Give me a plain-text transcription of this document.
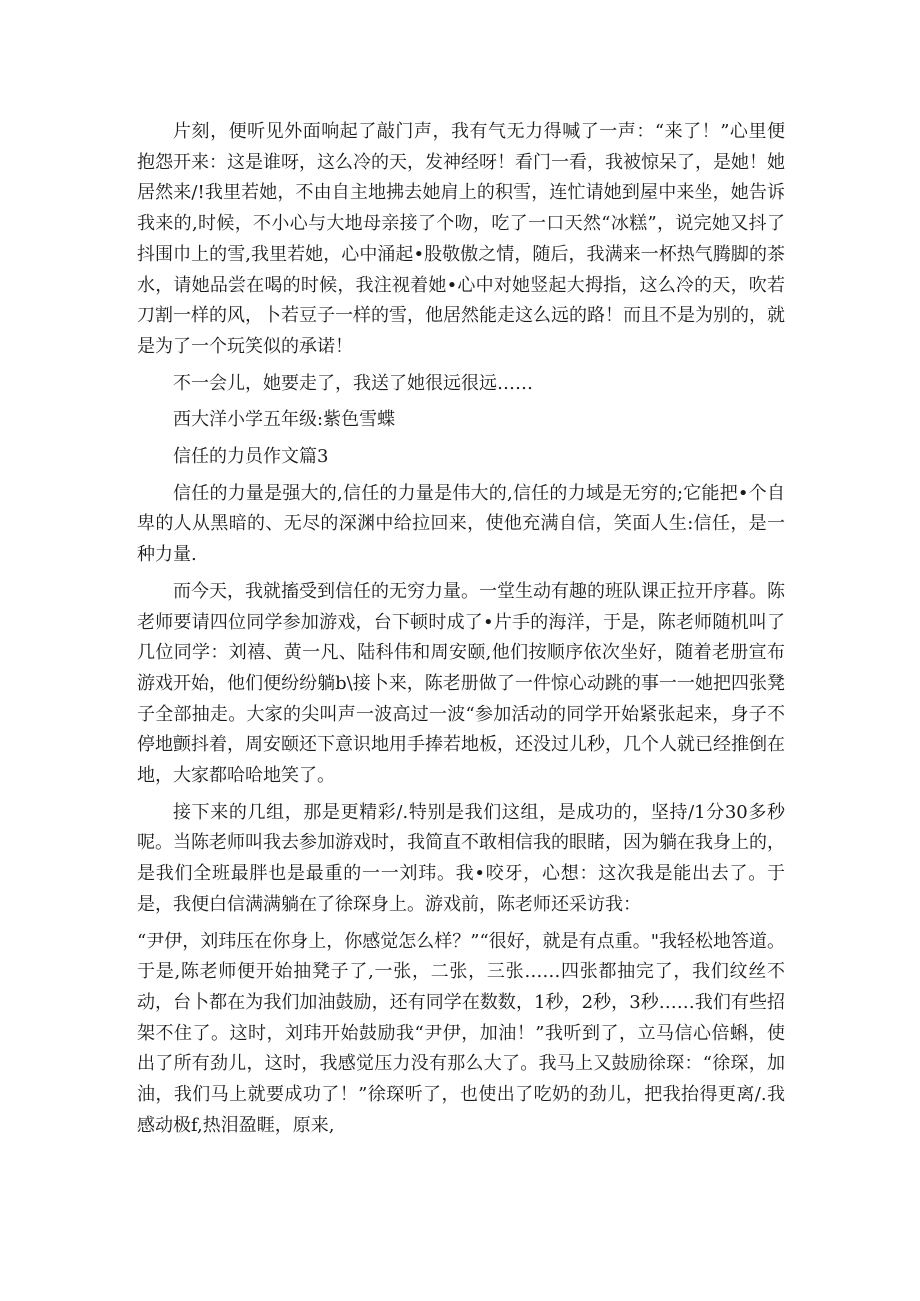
片刻，便听见外面响起了敲门声，我有气无力得喊了一声：“来了！”心里便抱怨开来：这是谁呀，这么冷的天，发神经呀！看门一看，我被惊呆了，是她！她居然来/!我里若她，不由自主地拂去她肩上的积雪，连忙请她到屋中来坐，她告诉我来的,时候，不小心与大地母亲接了个吻，吃了一口天然“冰糕”，说完她又抖了抖围巾上的雪,我里若她，心中涌起•股敬傲之情，随后，我满来一杯热气腾脚的茶水，请她品尝在喝的时候，我注视着她•心中对她竖起大拇指，这么冷的天，吹若刀割一样的风，卜若豆子一样的雪，他居然能走这么远的路！而且不是为别的，就是为了一个玩笑似的承诺！

不一会儿，她要走了，我送了她很远很远……

西大洋小学五年级:紫色雪蝶

信任的力员作文篇3

信任的力量是强大的,信任的力量是伟大的,信任的力域是无穷的;它能把•个自卑的人从黑暗的、无尽的深渊中给拉回来，使他充满自信，笑面人生:信任，是一种力量.

而今天，我就搐受到信任的无穷力量。一堂生动有趣的班队课正拉开序暮。陈老师要请四位同学参加游戏，台下顿时成了•片手的海洋，于是，陈老师随机叫了几位同学：刘禧、黄一凡、陆科伟和周安颐,他们按顺序依次坐好，随着老册宣布游戏开始，他们便纷纷躺b\接卜来，陈老册做了一件惊心动跳的事一一她把四张凳子全部抽走。大家的尖叫声一波高过一波“参加活动的同学开始紧张起来，身子不停地颤抖着，周安颐还下意识地用手捧若地板，还没过儿秒，几个人就已经推倒在地，大家都哈哈地笑了。

接下来的几组，那是更精彩/.特别是我们这组，是成功的，坚持/1分30多秒呢。当陈老师叫我去参加游戏时，我简直不敢相信我的眼睹，因为躺在我身上的，是我们全班最胖也是最重的一一刘玮。我•咬牙，心想：这次我是能出去了。于是，我便白信满满躺在了徐琛身上。游戏前，陈老师还采访我：

“尹伊，刘玮压在你身上，你感觉怎么样？”“很好，就是有点重。"我轻松地答道。于是,陈老师便开始抽凳子了,一张，二张，三张……四张都抽完了，我们纹丝不动，台卜都在为我们加油鼓励，还有同学在数数，1秒，2秒，3秒……我们有些招架不住了。这时，刘玮开始鼓励我“尹伊，加油！”我听到了，立马信心倍蝌，使出了所有劲儿，这时，我感觉压力没有那么大了。我马上又鼓励徐琛：“徐琛，加油，我们马上就要成功了！”徐琛听了，也使出了吃奶的劲儿，把我抬得更离/.我感动极f,热泪盈睚，原来,
